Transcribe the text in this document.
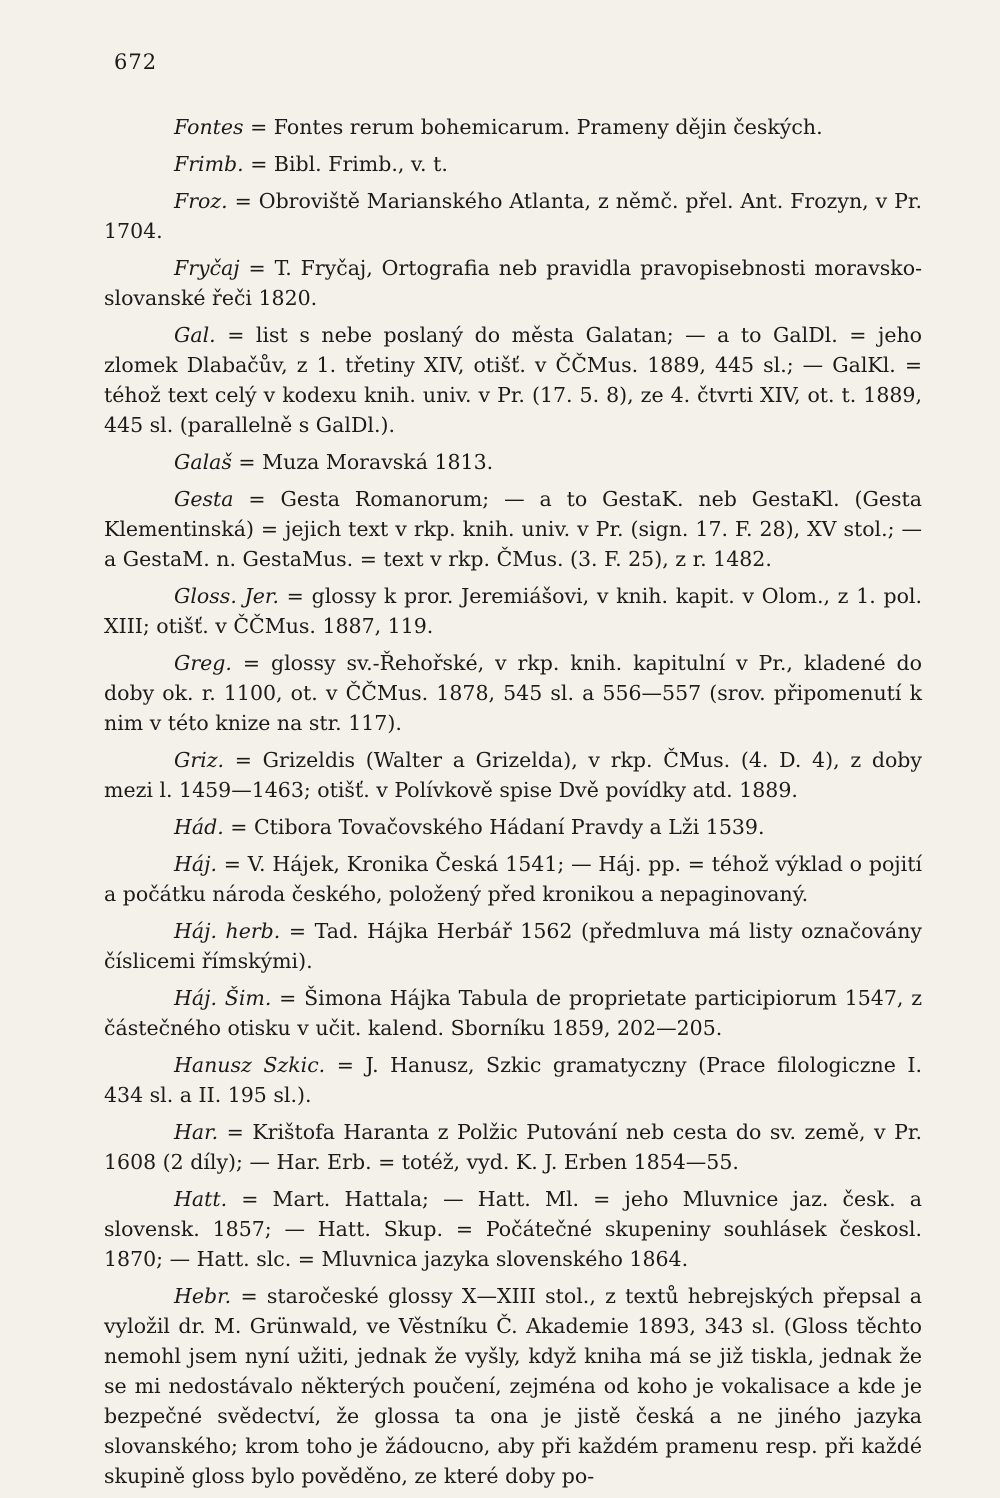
672

Fontes = Fontes rerum bohemicarum. Prameny dějin českých.

Frimb. = Bibl. Frimb., v. t.

Froz. = Obroviště Marianského Atlanta, z němč. přel. Ant. Frozyn, v Pr. 1704.

Fryčaj = T. Fryčaj, Ortografia neb pravidla pravopisebnosti moravsko-slovanské řeči 1820.

Gal. = list s nebe poslaný do města Galatan; — a to GalDl. = jeho zlomek Dlabačův, z 1. třetiny XIV, otišť. v ČČMus. 1889, 445 sl.; — GalKl. = téhož text celý v kodexu knih. univ. v Pr. (17. 5. 8), ze 4. čtvrti XIV, ot. t. 1889, 445 sl. (parallelně s GalDl.).

Galaš = Muza Moravská 1813.

Gesta = Gesta Romanorum; — a to GestaK. neb GestaKl. (Gesta Klementinská) = jejich text v rkp. knih. univ. v Pr. (sign. 17. F. 28), XV stol.; — a GestaM. n. GestaMus. = text v rkp. ČMus. (3. F. 25), z r. 1482.

Gloss. Jer. = glossy k pror. Jeremiášovi, v knih. kapit. v Olom., z 1. pol. XIII; otišť. v ČČMus. 1887, 119.

Greg. = glossy sv.-Řehořské, v rkp. knih. kapitulní v Pr., kladené do doby ok. r. 1100, ot. v ČČMus. 1878, 545 sl. a 556—557 (srov. připomenutí k nim v této knize na str. 117).

Griz. = Grizeldis (Walter a Grizelda), v rkp. ČMus. (4. D. 4), z doby mezi l. 1459—1463; otišť. v Polívkově spise Dvě povídky atd. 1889.

Hád. = Ctibora Tovačovského Hádaní Pravdy a Lži 1539.

Háj. = V. Hájek, Kronika Česká 1541; — Háj. pp. = téhož výklad o pojití a počátku národa českého, položený před kronikou a nepaginovaný.

Háj. herb. = Tad. Hájka Herbář 1562 (předmluva má listy označovány číslicemi římskými).

Háj. Šim. = Šimona Hájka Tabula de proprietate participiorum 1547, z částečného otisku v učit. kalend. Sborníku 1859, 202—205.

Hanusz Szkic. = J. Hanusz, Szkic gramatyczny (Prace filologiczne I. 434 sl. a II. 195 sl.).

Har. = Krištofa Haranta z Polžic Putování neb cesta do sv. země, v Pr. 1608 (2 díly); — Har. Erb. = totéž, vyd. K. J. Erben 1854—55.

Hatt. = Mart. Hattala; — Hatt. Ml. = jeho Mluvnice jaz. česk. a slovensk. 1857; — Hatt. Skup. = Počátečné skupeniny souhlásek českosl. 1870; — Hatt. slc. = Mluvnica jazyka slovenského 1864.

Hebr. = staročeské glossy X—XIII stol., z textů hebrejských přepsal a vyložil dr. M. Grünwald, ve Věstníku Č. Akademie 1893, 343 sl. (Gloss těchto nemohl jsem nyní užiti, jednak že vyšly, když kniha má se již tiskla, jednak že se mi nedostávalo některých poučení, zejména od koho je vokalisace a kde je bezpečné svědectví, že glossa ta ona je jistě česká a ne jiného jazyka slovanského; krom toho je žádoucno, aby při každém pramenu resp. při každé skupině gloss bylo pověděno, ze které doby po-
